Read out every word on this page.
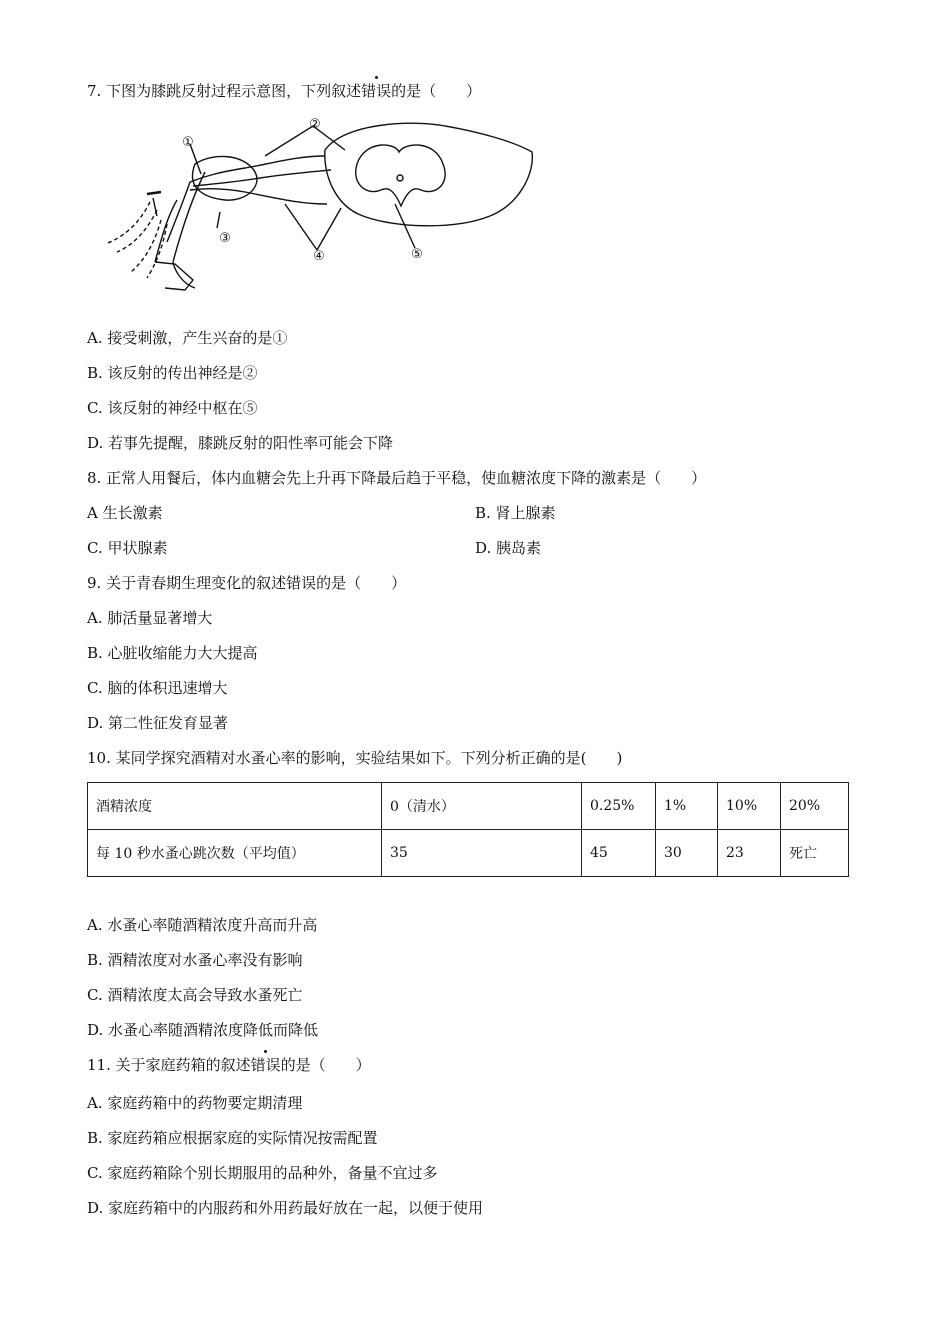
7. 下图为膝跳反射过程示意图，下列叙述错误的是（　　）
①
②
③
④	⑤
A. 接受刺激，产生兴奋的是①
B. 该反射的传出神经是②
C. 该反射的神经中枢在⑤
D. 若事先提醒，膝跳反射的阳性率可能会下降
8. 正常人用餐后，体内血糖会先上升再下降最后趋于平稳，使血糖浓度下降的激素是（　　）
A 生长激素	B. 肾上腺素
C. 甲状腺素	D. 胰岛素
9. 关于青春期生理变化的叙述错误的是（　　）
A. 肺活量显著增大
B. 心脏收缩能力大大提高
C. 脑的体积迅速增大
D. 第二性征发育显著
10. 某同学探究酒精对水蚤心率的影响，实验结果如下。下列分析正确的是(　　)
酒精浓度	0（清水）	0.25%	1%	10%	20%
每 10 秒水蚤心跳次数（平均值）	35	45	30	23	死亡
A. 水蚤心率随酒精浓度升高而升高
B. 酒精浓度对水蚤心率没有影响
C. 酒精浓度太高会导致水蚤死亡
D. 水蚤心率随酒精浓度降低而降低
11. 关于家庭药箱的叙述错误的是（　　）
A. 家庭药箱中的药物要定期清理
B. 家庭药箱应根据家庭的实际情况按需配置
C. 家庭药箱除个别长期服用的品种外，备量不宜过多
D. 家庭药箱中的内服药和外用药最好放在一起，以便于使用
